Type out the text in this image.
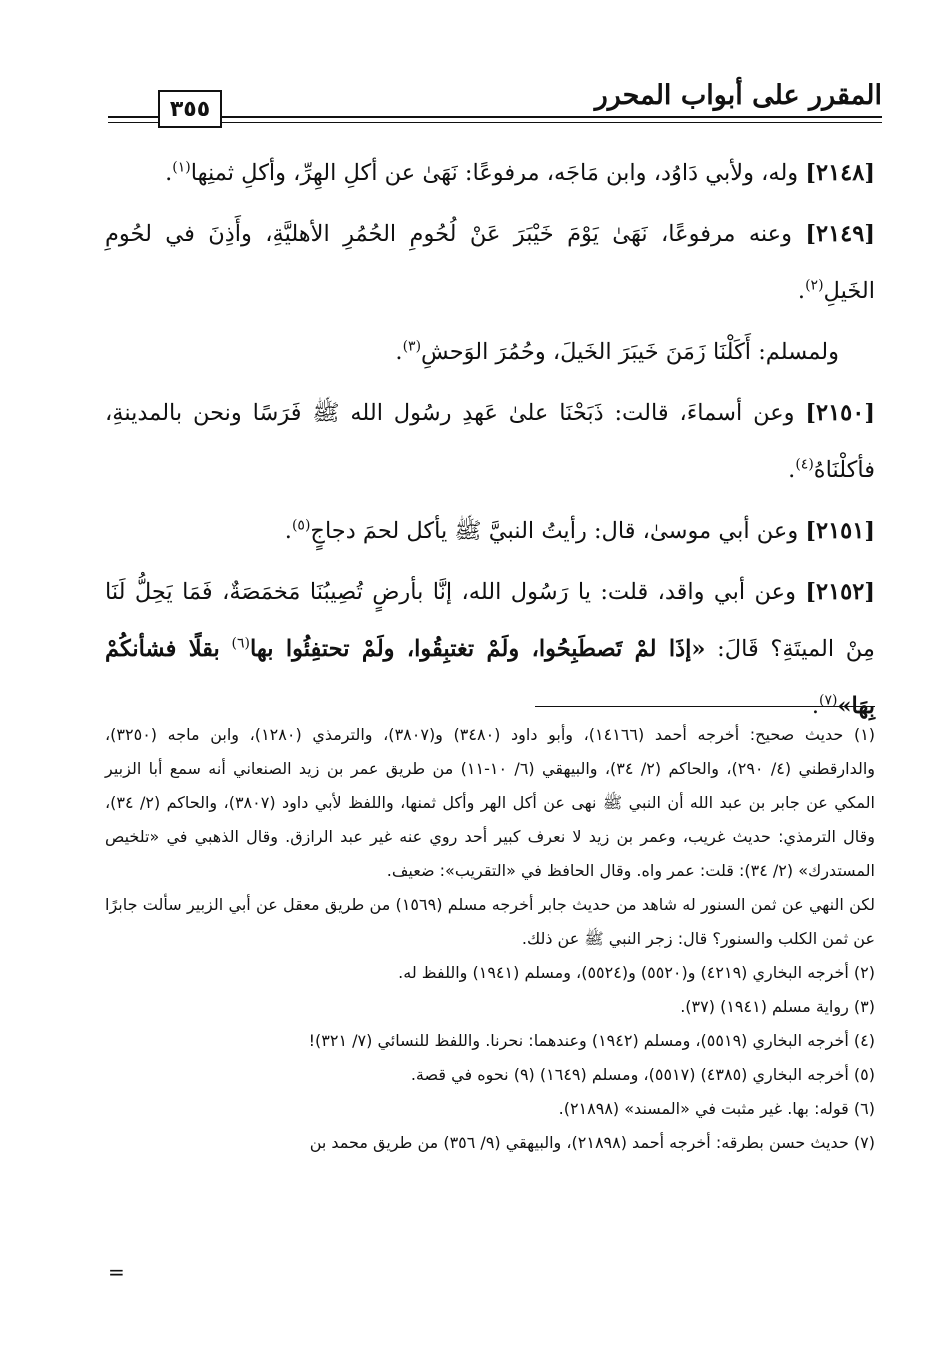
المقرر على أبواب المحرر
٣٥٥

[٢١٤٨] وله، ولأبي دَاوُد، وابن مَاجَه، مرفوعًا: نَهَىٰ عن أكلِ الهِرِّ، وأكلِ ثمنِها$^{(١)}$.

[٢١٤٩] وعنه مرفوعًا، نَهَىٰ يَوْمَ خَيْبَرَ عَنْ لُحُومِ الحُمُرِ الأهليَّةِ، وأَذِنَ في لحُومِ الخَيلِ$^{(٢)}$.

ولمسلم: أَكَلْنَا زَمَنَ خَيبَرَ الخَيلَ، وحُمُرَ الوَحشِ$^{(٣)}$.

[٢١٥٠] وعن أسماءَ، قالت: ذَبَحْنَا علىٰ عَهدِ رسُول الله ﷺ فَرَسًا ونحن بالمدينةِ، فأكلْنَاهُ$^{(٤)}$.

[٢١٥١] وعن أبي موسىٰ، قال: رأيتُ النبيَّ ﷺ يأكل لحمَ دجاجٍ$^{(٥)}$.

[٢١٥٢] وعن أبي واقد، قلت: يا رَسُول الله، إنَّا بأرضٍ تُصِيبُنَا مَخمَصَةٌ، فَمَا يَحِلُّ لَنَا مِنْ الميتَةِ؟ قَالَ: «إذَا لمْ تَصطَبِحُوا، ولَمْ تغتبِقُوا، ولَمْ تحتفِئُوا بها$^{(٦)}$ بقلًا فشأنكُمْ بِهَا»$^{(٧)}$.

(١) حديث صحيح: أخرجه أحمد (١٤١٦٦)، وأبو داود (٣٤٨٠) و(٣٨٠٧)، والترمذي (١٢٨٠)، وابن ماجه (٣٢٥٠)، والدارقطني (٤/ ٢٩٠)، والحاكم (٢/ ٣٤)، والبيهقي (٦/ ١٠-١١) من طريق عمر بن زيد الصنعاني أنه سمع أبا الزبير المكي عن جابر بن عبد الله أن النبي ﷺ نهى عن أكل الهر وأكل ثمنها، واللفظ لأبي داود (٣٨٠٧)، والحاكم (٢/ ٣٤)، وقال الترمذي: حديث غريب، وعمر بن زيد لا نعرف كبير أحد روي عنه غير عبد الرازق. وقال الذهبي في «تلخيص المستدرك» (٢/ ٣٤): قلت: عمر واه. وقال الحافظ في «التقريب»: ضعيف.

لكن النهي عن ثمن السنور له شاهد من حديث جابر أخرجه مسلم (١٥٦٩) من طريق معقل عن أبي الزبير سألت جابرًا عن ثمن الكلب والسنور؟ قال: زجر النبي ﷺ عن ذلك.

(٢) أخرجه البخاري (٤٢١٩) و(٥٥٢٠) و(٥٥٢٤)، ومسلم (١٩٤١) واللفظ له.

(٣) رواية مسلم (١٩٤١) (٣٧).

(٤) أخرجه البخاري (٥٥١٩)، ومسلم (١٩٤٢) وعندهما: نحرنا. واللفظ للنسائي (٧/ ٣٢١)!

(٥) أخرجه البخاري (٤٣٨٥) (٥٥١٧)، ومسلم (١٦٤٩) (٩) نحوه في قصة.

(٦) قوله: بها. غير مثبت في «المسند» (٢١٨٩٨).

(٧) حديث حسن بطرقه: أخرجه أحمد (٢١٨٩٨)، والبيهقي (٩/ ٣٥٦) من طريق محمد بن

=
